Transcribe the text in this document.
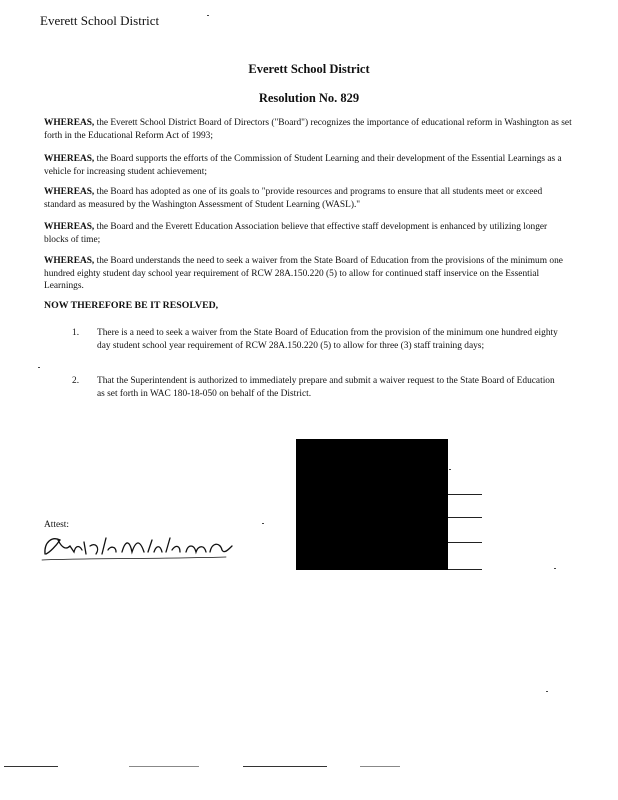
Everett School District
Everett School District
Resolution No. 829
WHEREAS, the Everett School District Board of Directors ("Board") recognizes the importance of educational reform in Washington as set forth in the Educational Reform Act of 1993;
WHEREAS, the Board supports the efforts of the Commission of Student Learning and their development of the Essential Learnings as a vehicle for increasing student achievement;
WHEREAS, the Board has adopted as one of its goals to "provide resources and programs to ensure that all students meet or exceed standard as measured by the Washington Assessment of Student Learning (WASL)."
WHEREAS, the Board and the Everett Education Association believe that effective staff development is enhanced by utilizing longer blocks of time;
WHEREAS, the Board understands the need to seek a waiver from the State Board of Education from the provisions of the minimum one hundred eighty student day school year requirement of RCW 28A.150.220 (5) to allow for continued staff inservice on the Essential Learnings.
NOW THEREFORE BE IT RESOLVED,
1. There is a need to seek a waiver from the State Board of Education from the provision of the minimum one hundred eighty day student school year requirement of RCW 28A.150.220 (5) to allow for three (3) staff training days;
2. That the Superintendent is authorized to immediately prepare and submit a waiver request to the State Board of Education as set forth in WAC 180-18-050 on behalf of the District.
Attest:
